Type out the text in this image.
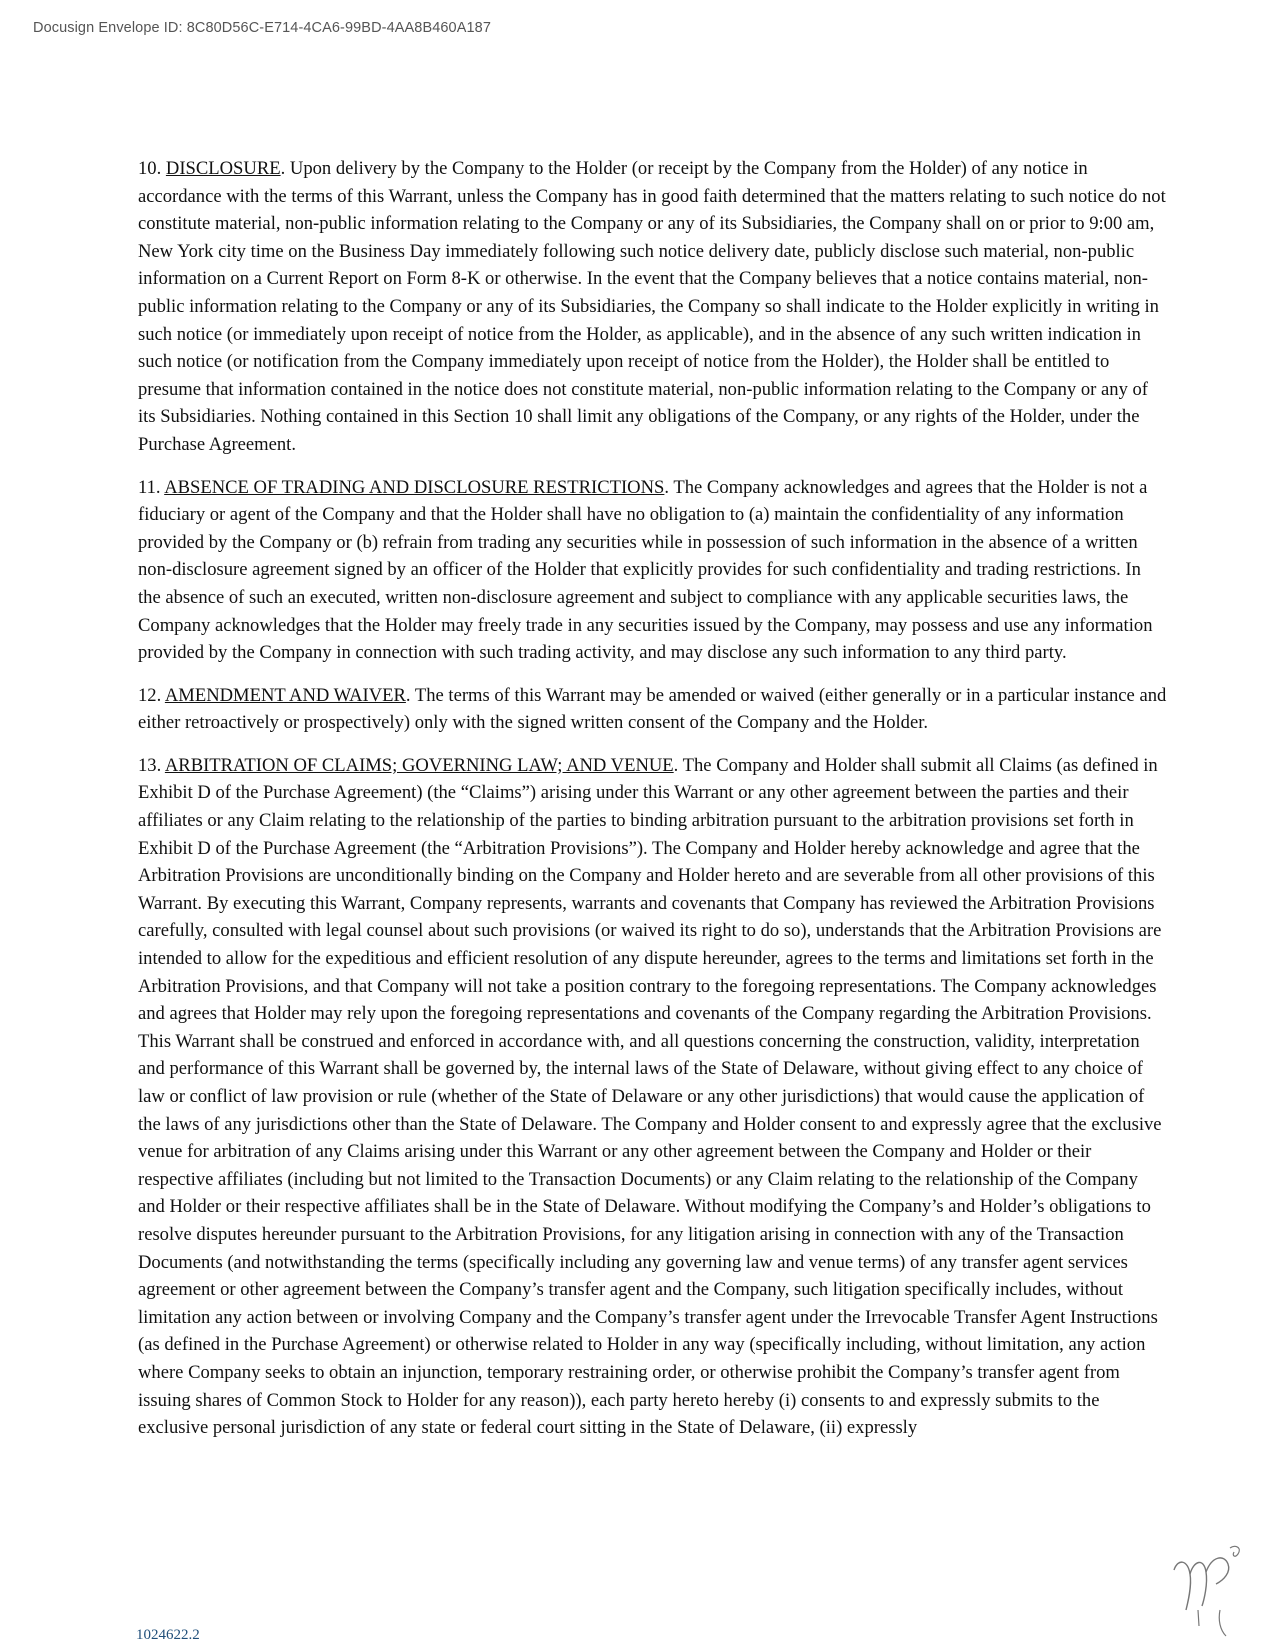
Docusign Envelope ID: 8C80D56C-E714-4CA6-99BD-4AA8B460A187

10. DISCLOSURE. Upon delivery by the Company to the Holder (or receipt by the Company from the Holder) of any notice in accordance with the terms of this Warrant, unless the Company has in good faith determined that the matters relating to such notice do not constitute material, non-public information relating to the Company or any of its Subsidiaries, the Company shall on or prior to 9:00 am, New York city time on the Business Day immediately following such notice delivery date, publicly disclose such material, non-public information on a Current Report on Form 8-K or otherwise. In the event that the Company believes that a notice contains material, non-public information relating to the Company or any of its Subsidiaries, the Company so shall indicate to the Holder explicitly in writing in such notice (or immediately upon receipt of notice from the Holder, as applicable), and in the absence of any such written indication in such notice (or notification from the Company immediately upon receipt of notice from the Holder), the Holder shall be entitled to presume that information contained in the notice does not constitute material, non-public information relating to the Company or any of its Subsidiaries. Nothing contained in this Section 10 shall limit any obligations of the Company, or any rights of the Holder, under the Purchase Agreement.

11. ABSENCE OF TRADING AND DISCLOSURE RESTRICTIONS. The Company acknowledges and agrees that the Holder is not a fiduciary or agent of the Company and that the Holder shall have no obligation to (a) maintain the confidentiality of any information provided by the Company or (b) refrain from trading any securities while in possession of such information in the absence of a written non-disclosure agreement signed by an officer of the Holder that explicitly provides for such confidentiality and trading restrictions. In the absence of such an executed, written non-disclosure agreement and subject to compliance with any applicable securities laws, the Company acknowledges that the Holder may freely trade in any securities issued by the Company, may possess and use any information provided by the Company in connection with such trading activity, and may disclose any such information to any third party.

12. AMENDMENT AND WAIVER. The terms of this Warrant may be amended or waived (either generally or in a particular instance and either retroactively or prospectively) only with the signed written consent of the Company and the Holder.

13. ARBITRATION OF CLAIMS; GOVERNING LAW; AND VENUE. The Company and Holder shall submit all Claims (as defined in Exhibit D of the Purchase Agreement) (the “Claims”) arising under this Warrant or any other agreement between the parties and their affiliates or any Claim relating to the relationship of the parties to binding arbitration pursuant to the arbitration provisions set forth in Exhibit D of the Purchase Agreement (the “Arbitration Provisions”). The Company and Holder hereby acknowledge and agree that the Arbitration Provisions are unconditionally binding on the Company and Holder hereto and are severable from all other provisions of this Warrant. By executing this Warrant, Company represents, warrants and covenants that Company has reviewed the Arbitration Provisions carefully, consulted with legal counsel about such provisions (or waived its right to do so), understands that the Arbitration Provisions are intended to allow for the expeditious and efficient resolution of any dispute hereunder, agrees to the terms and limitations set forth in the Arbitration Provisions, and that Company will not take a position contrary to the foregoing representations. The Company acknowledges and agrees that Holder may rely upon the foregoing representations and covenants of the Company regarding the Arbitration Provisions. This Warrant shall be construed and enforced in accordance with, and all questions concerning the construction, validity, interpretation and performance of this Warrant shall be governed by, the internal laws of the State of Delaware, without giving effect to any choice of law or conflict of law provision or rule (whether of the State of Delaware or any other jurisdictions) that would cause the application of the laws of any jurisdictions other than the State of Delaware. The Company and Holder consent to and expressly agree that the exclusive venue for arbitration of any Claims arising under this Warrant or any other agreement between the Company and Holder or their respective affiliates (including but not limited to the Transaction Documents) or any Claim relating to the relationship of the Company and Holder or their respective affiliates shall be in the State of Delaware. Without modifying the Company’s and Holder’s obligations to resolve disputes hereunder pursuant to the Arbitration Provisions, for any litigation arising in connection with any of the Transaction Documents (and notwithstanding the terms (specifically including any governing law and venue terms) of any transfer agent services agreement or other agreement between the Company’s transfer agent and the Company, such litigation specifically includes, without limitation any action between or involving Company and the Company’s transfer agent under the Irrevocable Transfer Agent Instructions (as defined in the Purchase Agreement) or otherwise related to Holder in any way (specifically including, without limitation, any action where Company seeks to obtain an injunction, temporary restraining order, or otherwise prohibit the Company’s transfer agent from issuing shares of Common Stock to Holder for any reason)), each party hereto hereby (i) consents to and expressly submits to the exclusive personal jurisdiction of any state or federal court sitting in the State of Delaware, (ii) expressly

1024622.2
